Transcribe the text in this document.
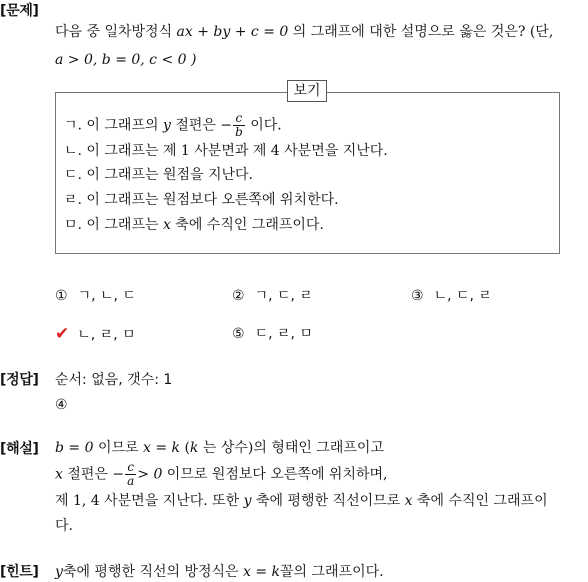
[문제]
다음 중 일차방정식 ax + by + c = 0 의 그래프에 대한 설명으로 옳은 것은? (단,
a > 0, b = 0, c < 0 )
보기
ㄱ. 이 그래프의 y 절편은 − $\frac{c}{b}$ 이다.
ㄴ. 이 그래프는 제 1 사분면과 제 4 사분면을 지난다.
ㄷ. 이 그래프는 원점을 지난다.
ㄹ. 이 그래프는 원점보다 오른쪽에 위치한다.
ㅁ. 이 그래프는 x 축에 수직인 그래프이다.
① ㄱ, ㄴ, ㄷ	② ㄱ, ㄷ, ㄹ	③ ㄴ, ㄷ, ㄹ
✔ ㄴ, ㄹ, ㅁ	⑤ ㄷ, ㄹ, ㅁ
[정답] 순서: 없음, 갯수: 1
④
[해설] b = 0 이므로 x = k (k 는 상수)의 형태인 그래프이고
x 절편은 − $\frac{c}{a} > 0$ 이므로 원점보다 오른쪽에 위치하며,
제 1, 4 사분면을 지난다. 또한 y 축에 평행한 직선이므로 x 축에 수직인 그래프이
다.
[힌트] y축에 평행한 직선의 방정식은 x = k꼴의 그래프이다.
